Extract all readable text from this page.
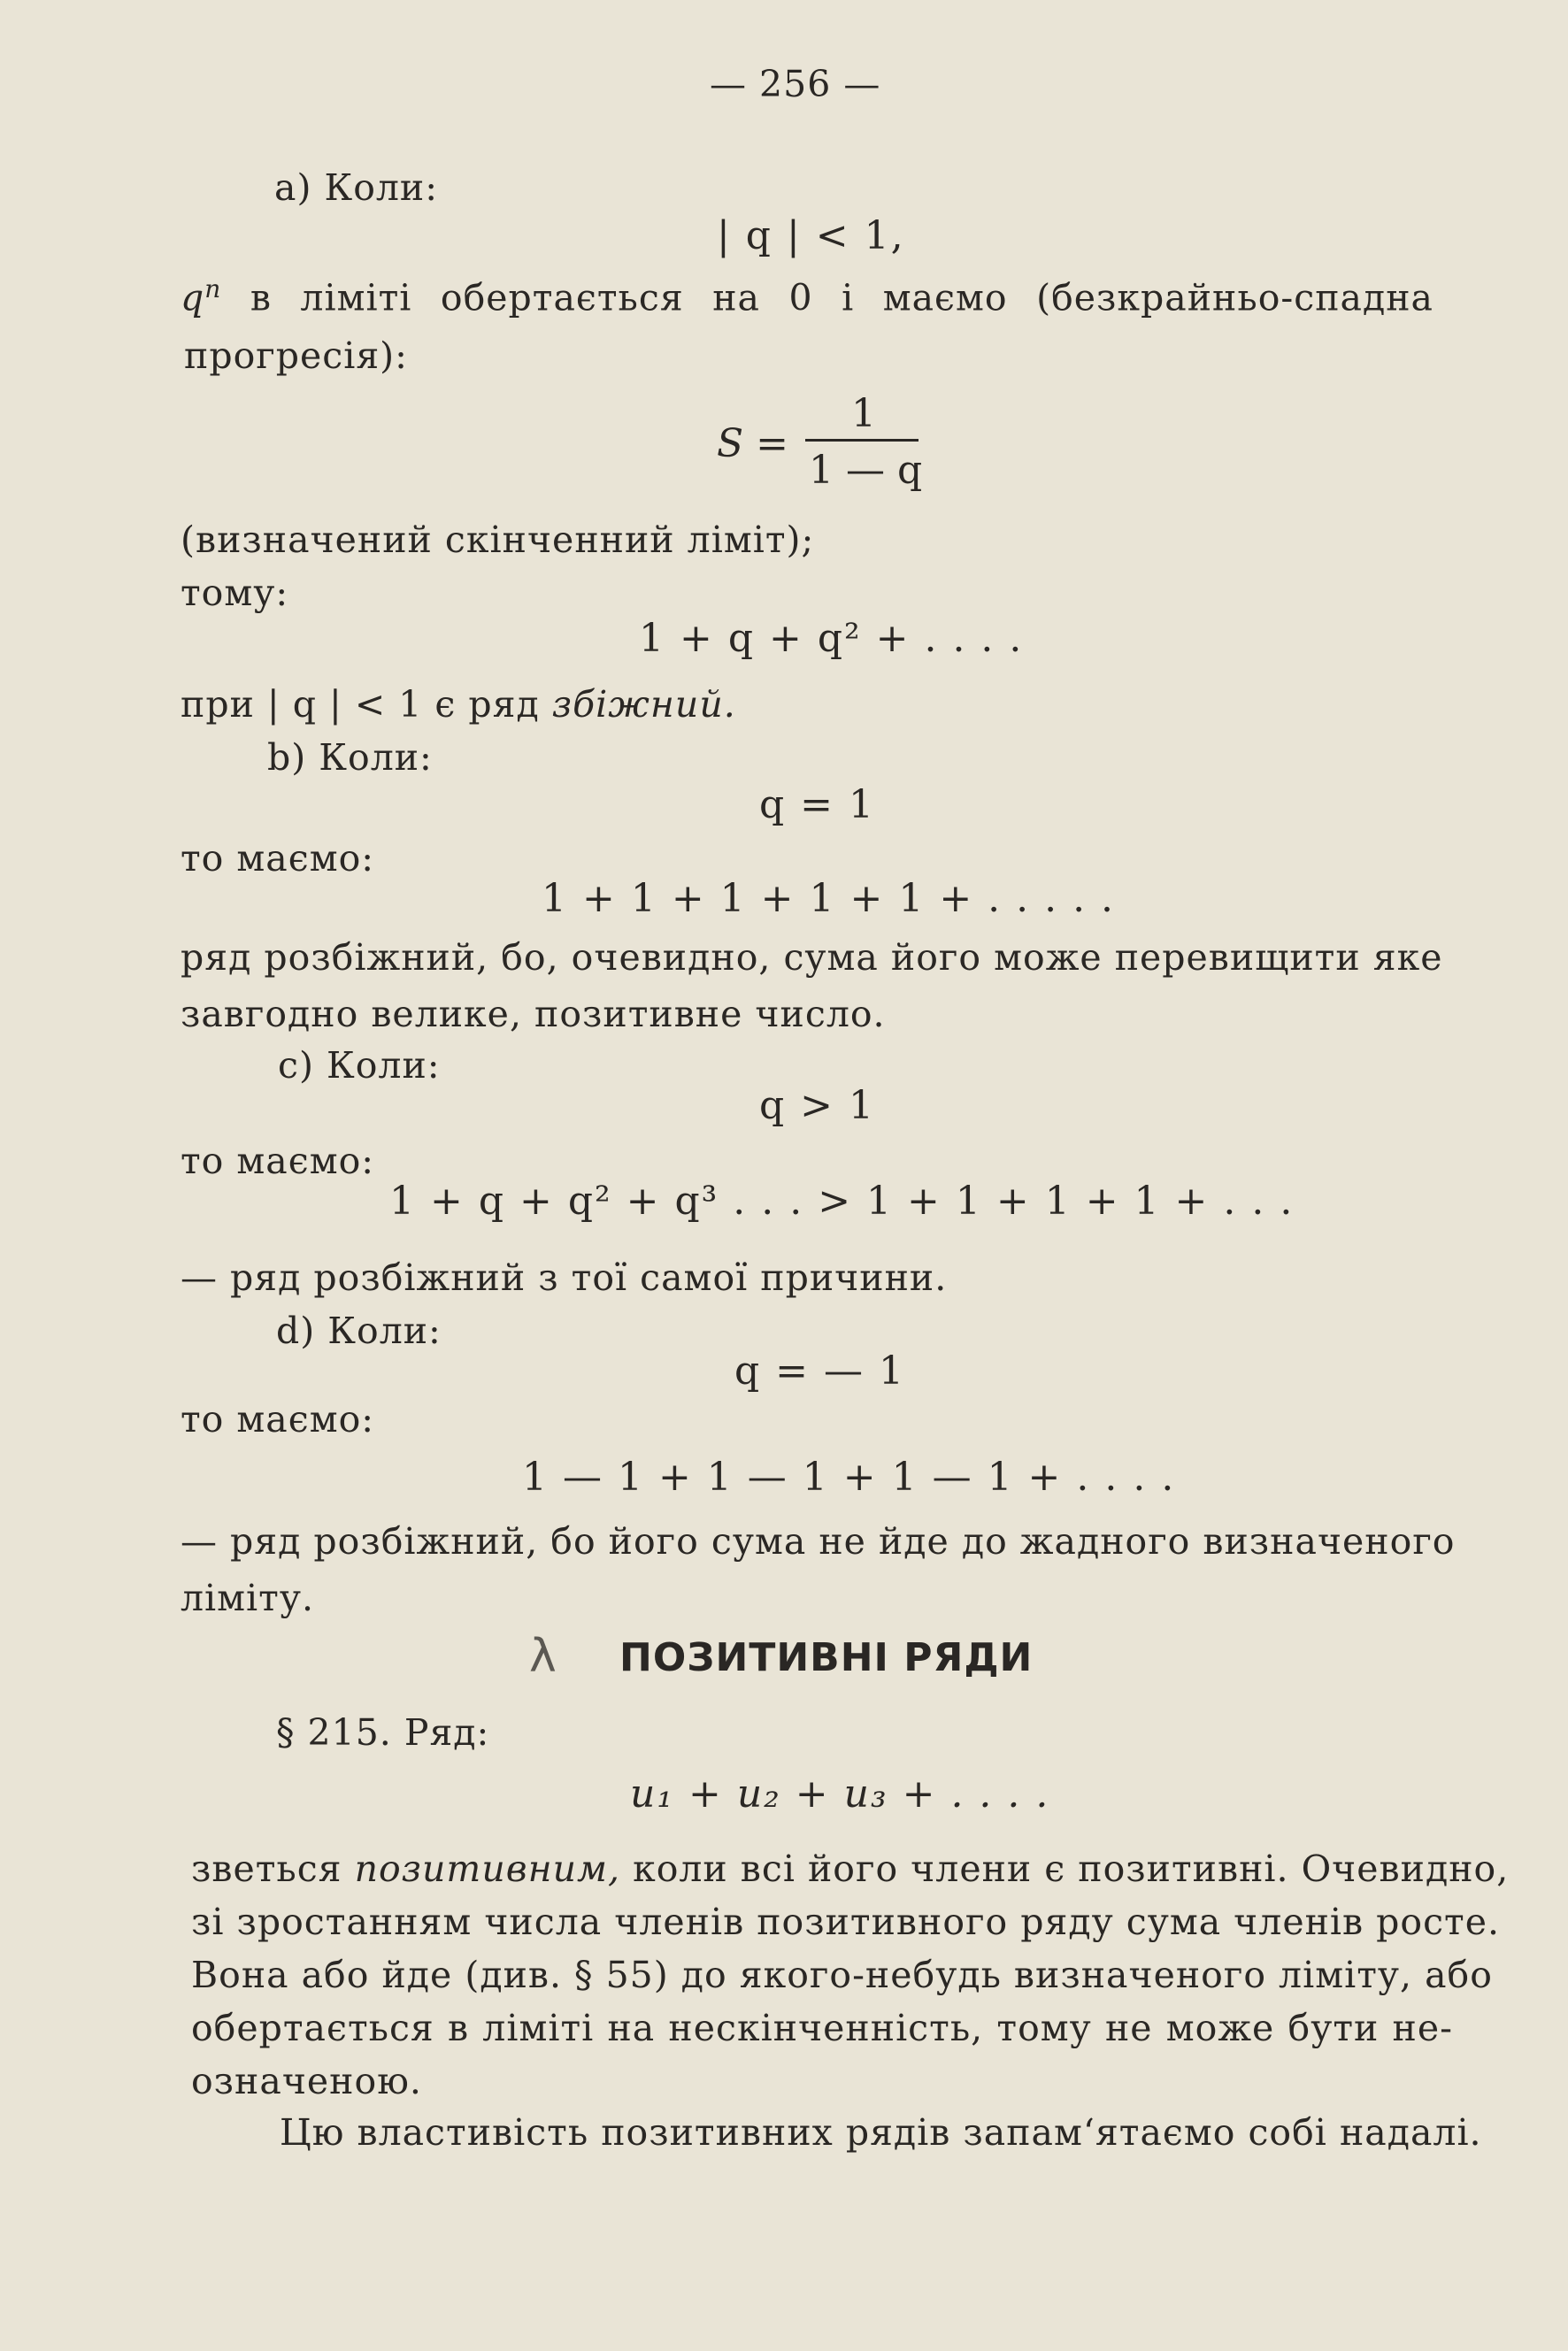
— 256 —
a) Коли:
| q | < 1,
$q^n$ в ліміті обертається на 0 і маємо (безкрайньо-спадна
прогресія):
S =
1
1 — q
(визначений скінченний ліміт);
тому:
1 + q + q² + . . . .
при | q | < 1 є ряд збіжний.
b) Коли:
q = 1
то маємо:
1 + 1 + 1 + 1 + 1 + . . . . .
ряд розбіжний, бо, очевидно, сума його може перевищити яке
завгодно велике, позитивне число.
c) Коли:
q > 1
то маємо:
1 + q + q² + q³ . . . > 1 + 1 + 1 + 1 + . . .
— ряд розбіжний з тої самої причини.
d) Коли:
q = — 1
то маємо:
1 — 1 + 1 — 1 + 1 — 1 + . . . .
— ряд розбіжний, бо його сума не йде до жадного визначеного
ліміту.
λ ПОЗИТИВНІ РЯДИ
§ 215. Ряд:
u₁ + u₂ + u₃ + . . . .
зветься позитивним, коли всі його члени є позитивні. Очевидно,
зі зростанням числа членів позитивного ряду сума членів росте.
Вона або йде (див. § 55) до якого-небудь визначеного ліміту, або
обертається в ліміті на нескінченність, тому не може бути не-
означеною.
Цю властивість позитивних рядів запам‘ятаємо собі надалі.
